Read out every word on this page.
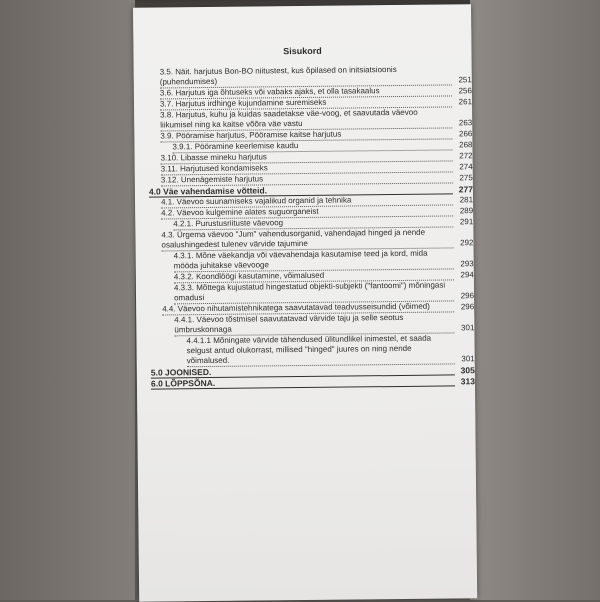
Sisukord
3.5. Näit. harjutus Bon-BO niitustest, kus õpilased on initsiatsioonis (puhendumises)	251
3.6. Harjutus iga õhtuseks või vabaks ajaks, et olla tasakaalus	256
3.7. Harjutus irdhinge kujundamine suremiseks	261
3.8. Harjutus, kuhu ja kuidas saadetakse väe-voog, et saavutada väevoo liikumisel ning ka kaitse võõra väe vastu	263
3.9. Pööramise harjutus, Pööramise kaitse harjutus	266
3.9.1. Pööramine keerlemise kaudu	268
3.10. Libasse mineku harjutus	272
3.11. Harjutused kondamiseks	274
3.12. Unenägemiste harjutus	275
4.0 Väe vahendamise võtteid.	277
4.1. Väevoo suunamiseks vajalikud organid ja tehnika	281
4.2. Väevoo kulgemine alates suguorganeist	289
4.2.1. Purustusriituste väevoog	291
4.3. Ürgema väevoo "Jum" vahendusorganid, vahendajad hinged ja nende osalushingedest tulenev värvide tajumine	292
4.3.1. Mõne väekandja või väevahendaja kasutamise teed ja kord, mida mööda juhitakse väevooge	293
4.3.2. Koondlöögi kasutamine, võimalused	294
4.3.3. Mõttega kujustatud hingestatud objekti-subjekti ("fantoomi") mõningasi omadusi	296
4.4. Väevoo nihutamistehnikatega saavutatavad teadvusseisundid (võimed)	296
4.4.1. Väevoo tõstmisel saavutatavad värvide taju ja selle seotus ümbruskonnaga	301
4.4.1.1 Mõningate värvide tähendused ülitundlikel inimestel, et saada selgust antud olukorrast, millised "hinged" juures on ning nende võimalused.	301
5.0 JOONISED.	305
6.0 LÕPPSÕNA.	313
